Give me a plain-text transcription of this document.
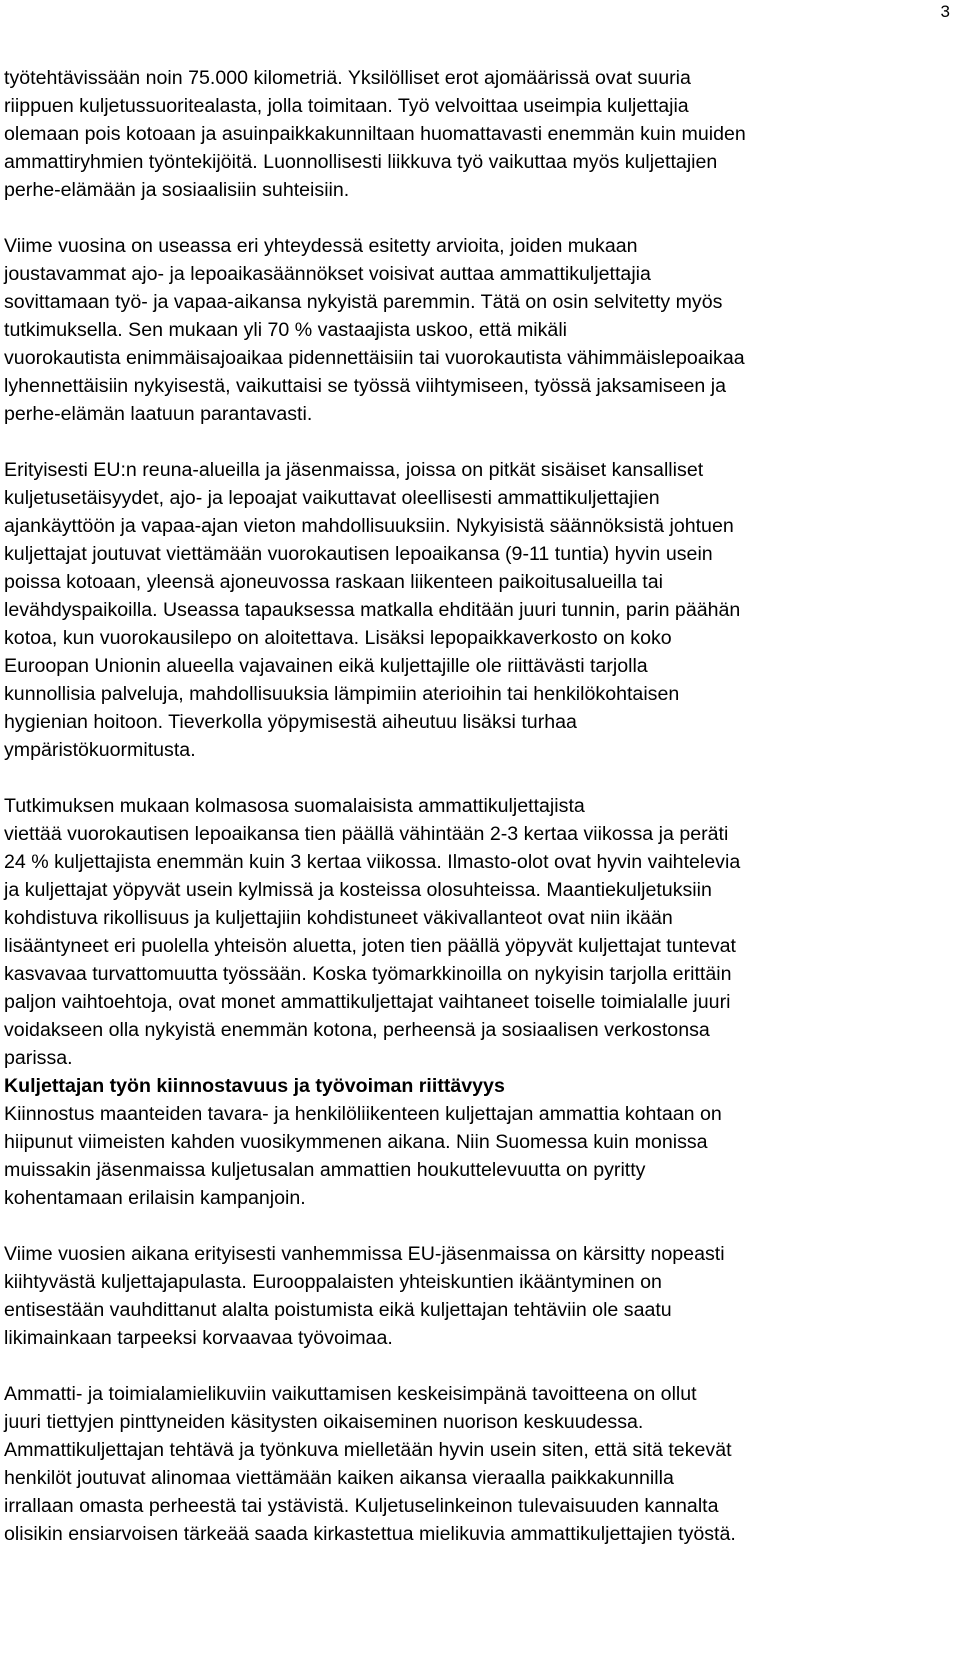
3

työtehtävissään noin 75.000 kilometriä. Yksilölliset erot ajomäärissä ovat suuria
riippuen kuljetussuoritealasta, jolla toimitaan. Työ velvoittaa useimpia kuljettajia
olemaan pois kotoaan ja asuinpaikkakunniltaan huomattavasti enemmän kuin muiden
ammattiryhmien työntekijöitä. Luonnollisesti liikkuva työ vaikuttaa myös kuljettajien
perhe-elämään ja sosiaalisiin suhteisiin.

Viime vuosina on useassa eri yhteydessä esitetty arvioita, joiden mukaan
joustavammat ajo- ja lepoaikasäännökset voisivat auttaa ammattikuljettajia
sovittamaan työ- ja vapaa-aikansa nykyistä paremmin. Tätä on osin selvitetty myös
tutkimuksella. Sen mukaan yli 70 % vastaajista uskoo, että mikäli
vuorokautista enimmäisajoaikaa pidennettäisiin tai vuorokautista vähimmäislepoaikaa
lyhennettäisiin nykyisestä, vaikuttaisi se työssä viihtymiseen, työssä jaksamiseen ja
perhe-elämän laatuun parantavasti.

Erityisesti EU:n reuna-alueilla ja jäsenmaissa, joissa on pitkät sisäiset kansalliset
kuljetusetäisyydet, ajo- ja lepoajat vaikuttavat oleellisesti ammattikuljettajien
ajankäyttöön ja vapaa-ajan vieton mahdollisuuksiin. Nykyisistä säännöksistä johtuen
kuljettajat joutuvat viettämään vuorokautisen lepoaikansa (9-11 tuntia) hyvin usein
poissa kotoaan, yleensä ajoneuvossa raskaan liikenteen paikoitusalueilla tai
levähdyspaikoilla. Useassa tapauksessa matkalla ehditään juuri tunnin, parin päähän
kotoa, kun vuorokausilepo on aloitettava. Lisäksi lepopaikkaverkosto on koko
Euroopan Unionin alueella vajavainen eikä kuljettajille ole riittävästi tarjolla
kunnollisia palveluja, mahdollisuuksia lämpimiin aterioihin tai henkilökohtaisen
hygienian hoitoon. Tieverkolla yöpymisestä aiheutuu lisäksi turhaa
ympäristökuormitusta.

Tutkimuksen mukaan kolmasosa suomalaisista ammattikuljettajista
viettää vuorokautisen lepoaikansa tien päällä vähintään 2-3 kertaa viikossa ja peräti
24 % kuljettajista enemmän kuin 3 kertaa viikossa. Ilmasto-olot ovat hyvin vaihtelevia
ja kuljettajat yöpyvät usein kylmissä ja kosteissa olosuhteissa. Maantiekuljetuksiin
kohdistuva rikollisuus ja kuljettajiin kohdistuneet väkivallanteot ovat niin ikään
lisääntyneet eri puolella yhteisön aluetta, joten tien päällä yöpyvät kuljettajat tuntevat
kasvavaa turvattomuutta työssään. Koska työmarkkinoilla on nykyisin tarjolla erittäin
paljon vaihtoehtoja, ovat monet ammattikuljettajat vaihtaneet toiselle toimialalle juuri
voidakseen olla nykyistä enemmän kotona, perheensä ja sosiaalisen verkostonsa
parissa.

Kuljettajan työn kiinnostavuus ja työvoiman riittävyys

Kiinnostus maanteiden tavara- ja henkilöliikenteen kuljettajan ammattia kohtaan on
hiipunut viimeisten kahden vuosikymmenen aikana. Niin Suomessa kuin monissa
muissakin jäsenmaissa kuljetusalan ammattien houkuttelevuutta on pyritty
kohentamaan erilaisin kampanjoin.

Viime vuosien aikana erityisesti vanhemmissa EU-jäsenmaissa on kärsitty nopeasti
kiihtyvästä kuljettajapulasta. Eurooppalaisten yhteiskuntien ikääntyminen on
entisestään vauhdittanut alalta poistumista eikä kuljettajan tehtäviin ole saatu
likimainkaan tarpeeksi korvaavaa työvoimaa.

Ammatti- ja toimialamielikuviin vaikuttamisen keskeisimpänä tavoitteena on ollut
juuri tiettyjen pinttyneiden käsitysten oikaiseminen nuorison keskuudessa.
Ammattikuljettajan tehtävä ja työnkuva mielletään hyvin usein siten, että sitä tekevät
henkilöt joutuvat alinomaa viettämään kaiken aikansa vieraalla paikkakunnilla
irrallaan omasta perheestä tai ystävistä. Kuljetuselinkeinon tulevaisuuden kannalta
olisikin ensiarvoisen tärkeää saada kirkastettua mielikuvia ammattikuljettajien työstä.
